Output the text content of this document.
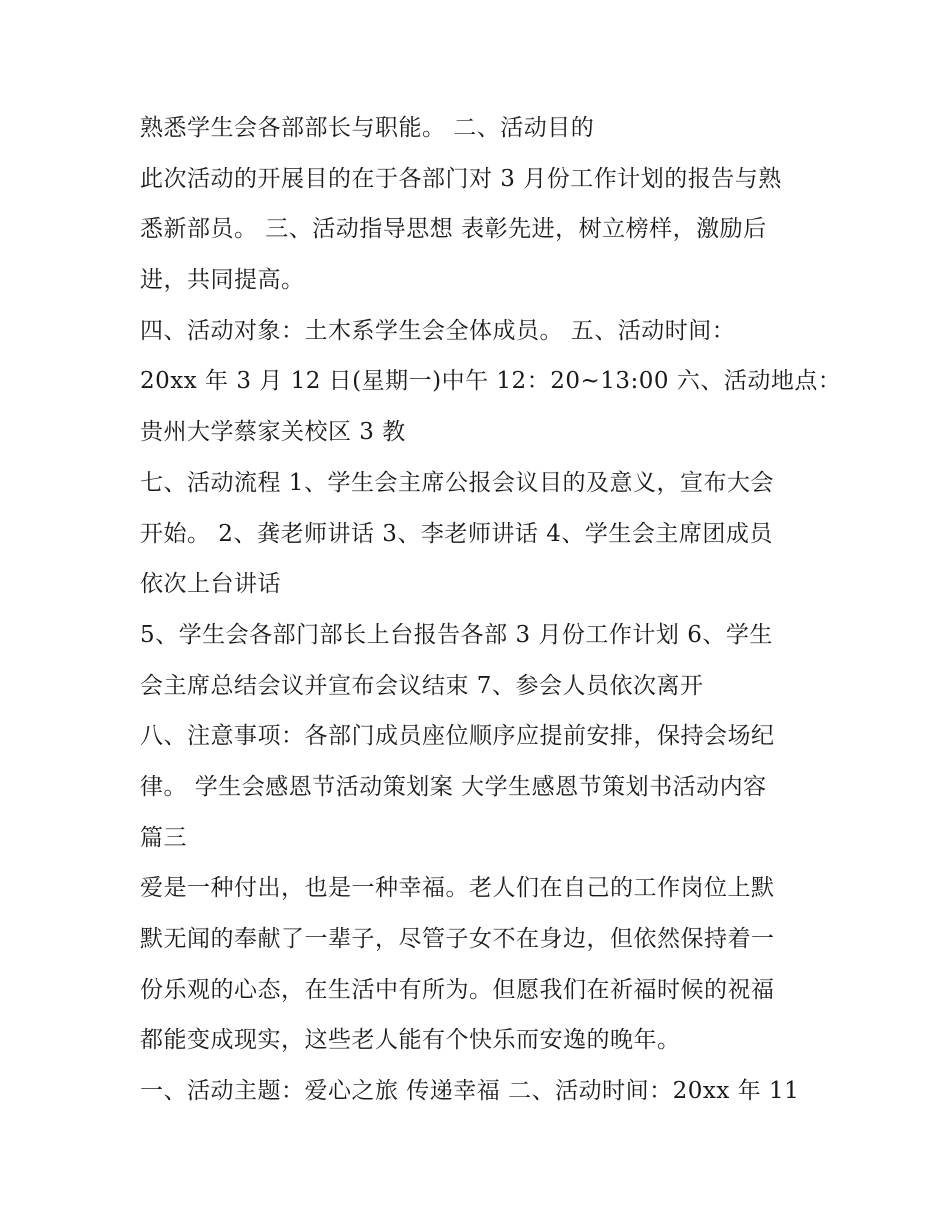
熟悉学生会各部部长与职能。 二、活动目的
此次活动的开展目的在于各部门对 3 月份工作计划的报告与熟
悉新部员。 三、活动指导思想 表彰先进，树立榜样，激励后
进，共同提高。
四、活动对象：土木系学生会全体成员。 五、活动时间：
20xx 年 3 月 12 日(星期一)中午 12：20~13:00 六、活动地点：
贵州大学蔡家关校区 3 教
七、活动流程 1、学生会主席公报会议目的及意义，宣布大会
开始。 2、龚老师讲话 3、李老师讲话 4、学生会主席团成员
依次上台讲话
5、学生会各部门部长上台报告各部 3 月份工作计划 6、学生
会主席总结会议并宣布会议结束 7、参会人员依次离开
八、注意事项：各部门成员座位顺序应提前安排，保持会场纪
律。 学生会感恩节活动策划案 大学生感恩节策划书活动内容
篇三
爱是一种付出，也是一种幸福。老人们在自己的工作岗位上默
默无闻的奉献了一辈子，尽管子女不在身边，但依然保持着一
份乐观的心态，在生活中有所为。但愿我们在祈福时候的祝福
都能变成现实，这些老人能有个快乐而安逸的晚年。
一、活动主题：爱心之旅 传递幸福 二、活动时间：20xx 年 11
